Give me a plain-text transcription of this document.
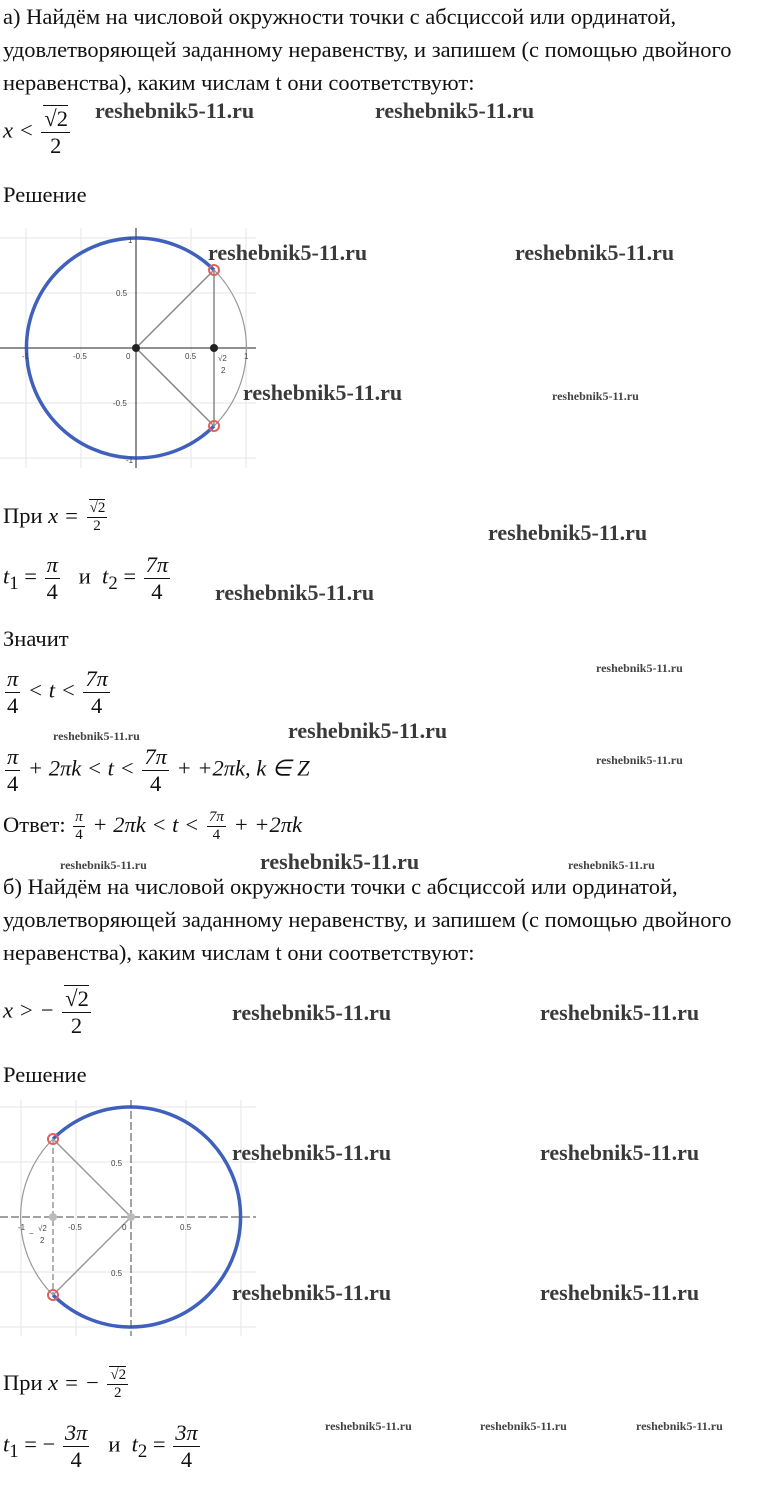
а) Найдём на числовой окружности точки с абсциссой или ординатой,
удовлетворяющей заданному неравенству, и запишем (с помощью двойного
неравенства), каким числам t они соответствуют:
$x < \frac{√2}{2}$
Решение
-1	-0.5	0	0.5	1
0.5
-0.5
-1
1
√2
2
При $x = \frac{√2}{2}$
$t_1 = \frac{\pi}{4}$ и $t_2 = \frac{7\pi}{4}$
Значит
$\frac{\pi}{4} < t < \frac{7\pi}{4}$
$\frac{\pi}{4} + 2\pi k < t < \frac{7\pi}{4} + +2\pi k$, k ∈ Z
Ответ: $\frac{\pi}{4} + 2\pi k < t < \frac{7\pi}{4} + +2\pi k$
б) Найдём на числовой окружности точки с абсциссой или ординатой,
удовлетворяющей заданному неравенству, и запишем (с помощью двойного
неравенства), каким числам t они соответствуют:
x > − $\frac{√2}{2}$
Решение
-1	-0.5	0	0.5
0.5
0.5
−
√2
2
При x = − $\frac{√2}{2}$
$t_1$ = − $\frac{3\pi}{4}$ и $t_2 = \frac{3\pi}{4}$
reshebnik5-11.ru	reshebnik5-11.ru
reshebnik5-11.ru	reshebnik5-11.ru
reshebnik5-11.ru	reshebnik5-11.ru
reshebnik5-11.ru
reshebnik5-11.ru
reshebnik5-11.ru
reshebnik5-11.ru	reshebnik5-11.ru
reshebnik5-11.ru
reshebnik5-11.ru	reshebnik5-11.ru	reshebnik5-11.ru
reshebnik5-11.ru	reshebnik5-11.ru
reshebnik5-11.ru	reshebnik5-11.ru
reshebnik5-11.ru	reshebnik5-11.ru
reshebnik5-11.ru	reshebnik5-11.ru	reshebnik5-11.ru
